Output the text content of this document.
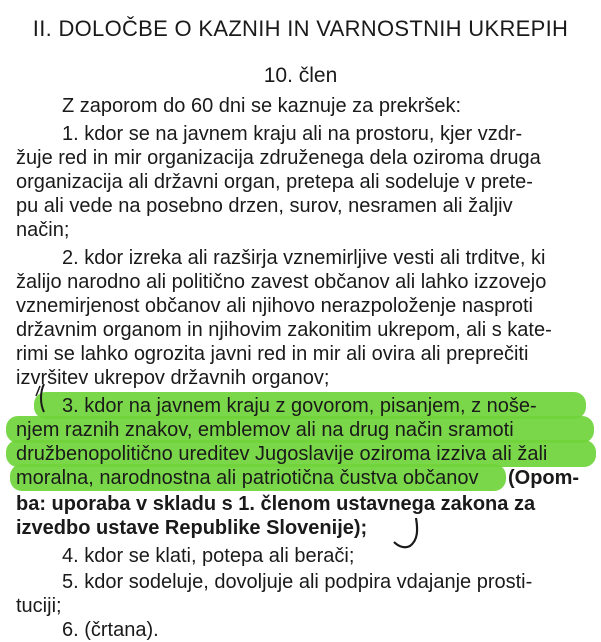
II. DOLOČBE O KAZNIH IN VARNOSTNIH UKREPIH
10. člen
Z zaporom do 60 dni se kaznuje za prekršek:
1. kdor se na javnem kraju ali na prostoru, kjer vzdr-
žuje red in mir organizacija združenega dela oziroma druga
organizacija ali državni organ, pretepa ali sodeluje v prete-
pu ali vede na posebno drzen, surov, nesramen ali žaljiv
način;
2. kdor izreka ali razširja vznemirljive vesti ali trditve, ki
žalijo narodno ali politično zavest občanov ali lahko izzovejo
vznemirjenost občanov ali njihovo nerazpoloženje nasproti
državnim organom in njihovim zakonitim ukrepom, ali s kate-
rimi se lahko ogrozita javni red in mir ali ovira ali preprečiti
izvršitev ukrepov državnih organov;
3. kdor na javnem kraju z govorom, pisanjem, z noše-
njem raznih znakov, emblemov ali na drug način sramoti
družbenopolitično ureditev Jugoslavije oziroma izziva ali žali
moralna, narodnostna ali patriotična čustva občanov (Opom-
ba: uporaba v skladu s 1. členom ustavnega zakona za
izvedbo ustave Republike Slovenije);
4. kdor se klati, potepa ali berači;
5. kdor sodeluje, dovoljuje ali podpira vdajanje prosti-
tuciji;
6. (črtana).
